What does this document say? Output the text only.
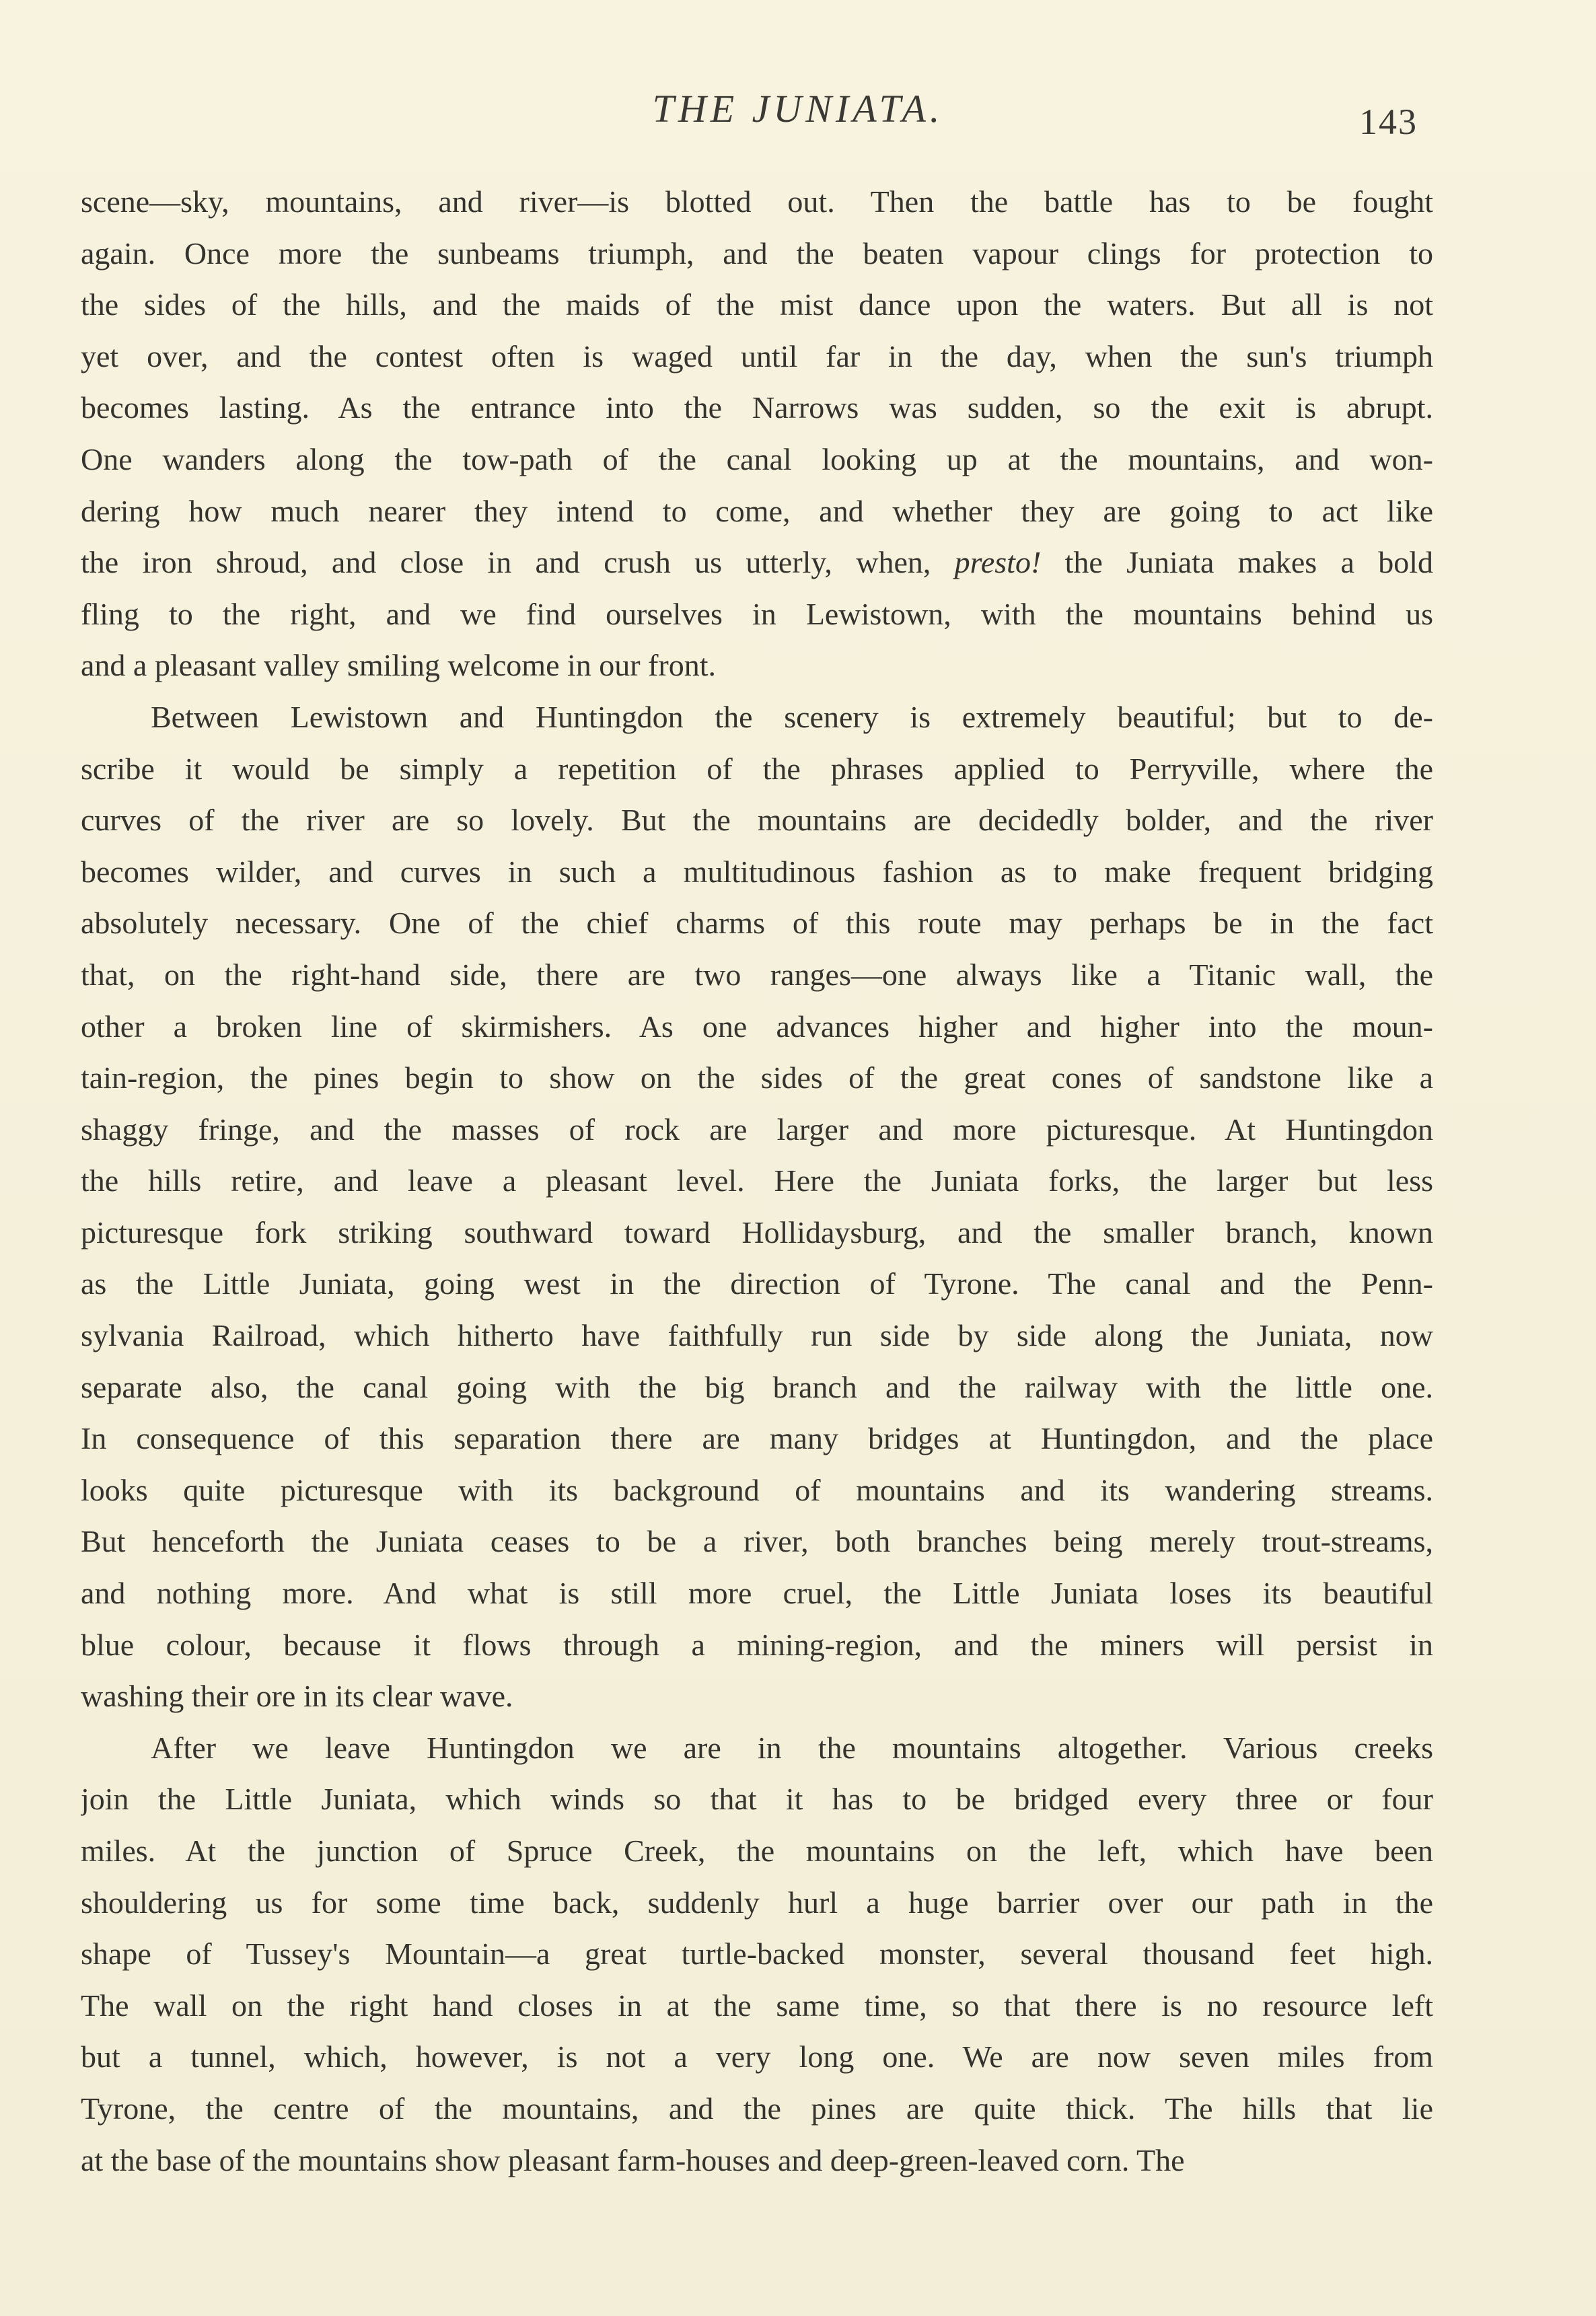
THE JUNIATA.	143
scene—sky, mountains, and river—is blotted out. Then the battle has to be fought
again. Once more the sunbeams triumph, and the beaten vapour clings for protection to
the sides of the hills, and the maids of the mist dance upon the waters. But all is not
yet over, and the contest often is waged until far in the day, when the sun's triumph
becomes lasting. As the entrance into the Narrows was sudden, so the exit is abrupt.
One wanders along the tow-path of the canal looking up at the mountains, and won-
dering how much nearer they intend to come, and whether they are going to act like
the iron shroud, and close in and crush us utterly, when, presto! the Juniata makes a bold
fling to the right, and we find ourselves in Lewistown, with the mountains behind us
and a pleasant valley smiling welcome in our front.
Between Lewistown and Huntingdon the scenery is extremely beautiful; but to de-
scribe it would be simply a repetition of the phrases applied to Perryville, where the
curves of the river are so lovely. But the mountains are decidedly bolder, and the river
becomes wilder, and curves in such a multitudinous fashion as to make frequent bridging
absolutely necessary. One of the chief charms of this route may perhaps be in the fact
that, on the right-hand side, there are two ranges—one always like a Titanic wall, the
other a broken line of skirmishers. As one advances higher and higher into the moun-
tain-region, the pines begin to show on the sides of the great cones of sandstone like a
shaggy fringe, and the masses of rock are larger and more picturesque. At Huntingdon
the hills retire, and leave a pleasant level. Here the Juniata forks, the larger but less
picturesque fork striking southward toward Hollidaysburg, and the smaller branch, known
as the Little Juniata, going west in the direction of Tyrone. The canal and the Penn-
sylvania Railroad, which hitherto have faithfully run side by side along the Juniata, now
separate also, the canal going with the big branch and the railway with the little one.
In consequence of this separation there are many bridges at Huntingdon, and the place
looks quite picturesque with its background of mountains and its wandering streams.
But henceforth the Juniata ceases to be a river, both branches being merely trout-streams,
and nothing more. And what is still more cruel, the Little Juniata loses its beautiful
blue colour, because it flows through a mining-region, and the miners will persist in
washing their ore in its clear wave.
After we leave Huntingdon we are in the mountains altogether. Various creeks
join the Little Juniata, which winds so that it has to be bridged every three or four
miles. At the junction of Spruce Creek, the mountains on the left, which have been
shouldering us for some time back, suddenly hurl a huge barrier over our path in the
shape of Tussey's Mountain—a great turtle-backed monster, several thousand feet high.
The wall on the right hand closes in at the same time, so that there is no resource left
but a tunnel, which, however, is not a very long one. We are now seven miles from
Tyrone, the centre of the mountains, and the pines are quite thick. The hills that lie
at the base of the mountains show pleasant farm-houses and deep-green-leaved corn. The
